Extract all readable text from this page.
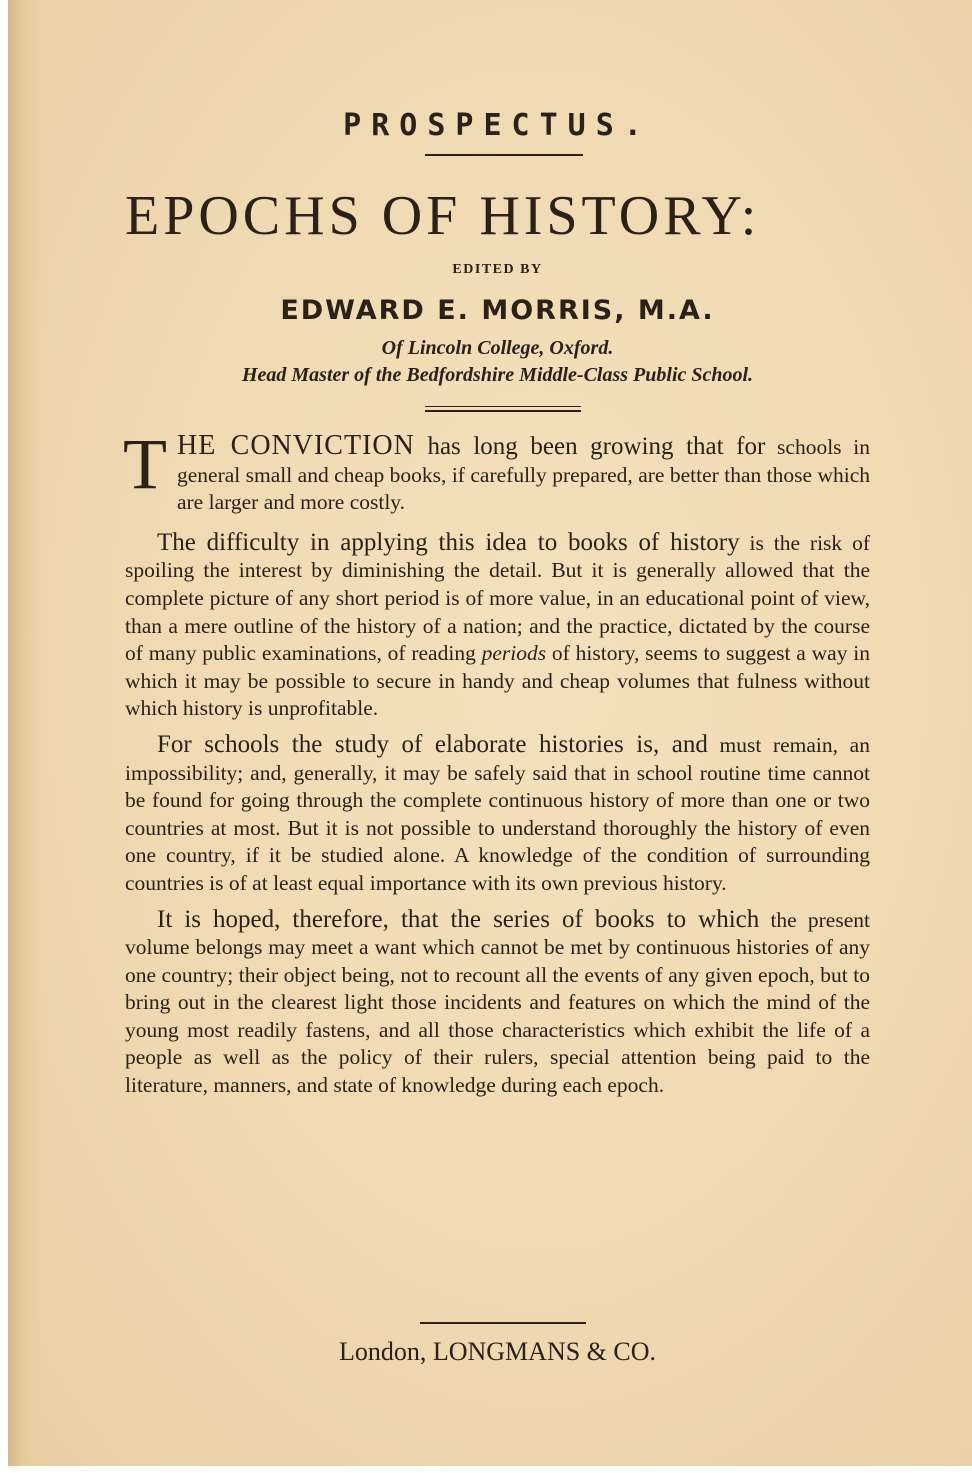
PROSPECTUS.
EPOCHS OF HISTORY:
EDITED BY
EDWARD E. MORRIS, M.A.
Of Lincoln College, Oxford.
Head Master of the Bedfordshire Middle-Class Public School.

THE CONVICTION has long been growing that for schools in general small and cheap books, if carefully prepared, are better than those which are larger and more costly.

The difficulty in applying this idea to books of history is the risk of spoiling the interest by diminishing the detail. But it is generally allowed that the complete picture of any short period is of more value, in an educational point of view, than a mere outline of the history of a nation; and the practice, dictated by the course of many public examinations, of reading periods of history, seems to suggest a way in which it may be possible to secure in handy and cheap volumes that fulness without which history is unprofitable.

For schools the study of elaborate histories is, and must remain, an impossibility; and, generally, it may be safely said that in school routine time cannot be found for going through the complete continuous history of more than one or two countries at most. But it is not possible to understand thoroughly the history of even one country, if it be studied alone. A knowledge of the condition of surrounding countries is of at least equal importance with its own previous history.

It is hoped, therefore, that the series of books to which the present volume belongs may meet a want which cannot be met by continuous histories of any one country; their object being, not to recount all the events of any given epoch, but to bring out in the clearest light those incidents and features on which the mind of the young most readily fastens, and all those characteristics which exhibit the life of a people as well as the policy of their rulers, special attention being paid to the literature, manners, and state of knowledge during each epoch.

London, LONGMANS & CO.
